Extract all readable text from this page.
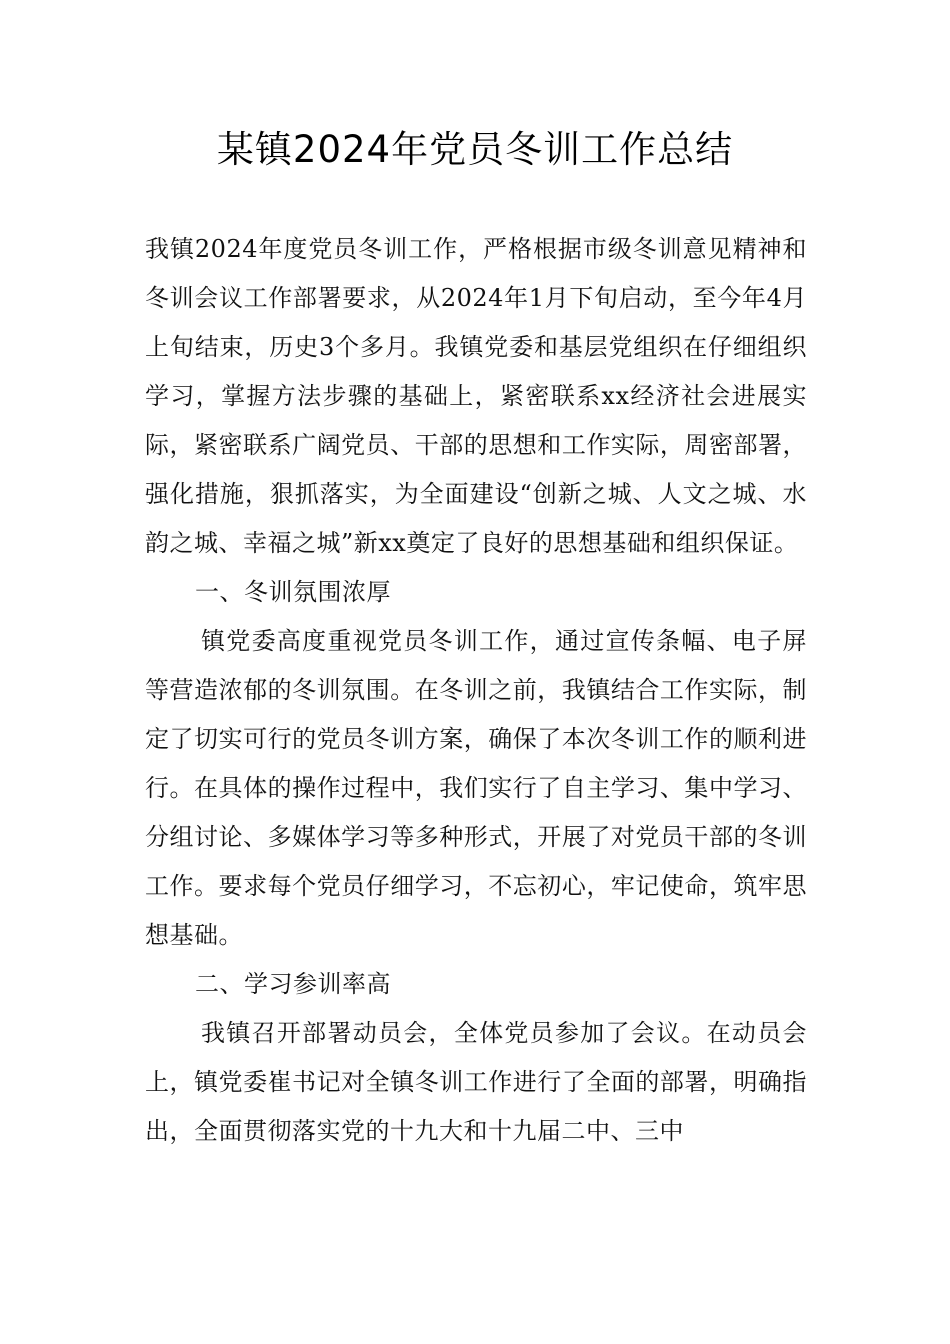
某镇2024年党员冬训工作总结

我镇2024年度党员冬训工作，严格根据市级冬训意见精神和冬训会议工作部署要求，从2024年1月下旬启动，至今年4月上旬结束，历史3个多月。我镇党委和基层党组织在仔细组织学习，掌握方法步骤的基础上，紧密联系xx经济社会进展实际，紧密联系广阔党员、干部的思想和工作实际，周密部署，强化措施，狠抓落实，为全面建设“创新之城、人文之城、水韵之城、幸福之城”新xx奠定了良好的思想基础和组织保证。

一、冬训氛围浓厚

镇党委高度重视党员冬训工作，通过宣传条幅、电子屏等营造浓郁的冬训氛围。在冬训之前，我镇结合工作实际，制定了切实可行的党员冬训方案，确保了本次冬训工作的顺利进行。在具体的操作过程中，我们实行了自主学习、集中学习、分组讨论、多媒体学习等多种形式，开展了对党员干部的冬训工作。要求每个党员仔细学习，不忘初心，牢记使命，筑牢思想基础。

二、学习参训率高

我镇召开部署动员会，全体党员参加了会议。在动员会上，镇党委崔书记对全镇冬训工作进行了全面的部署，明确指出，全面贯彻落实党的十九大和十九届二中、三中
